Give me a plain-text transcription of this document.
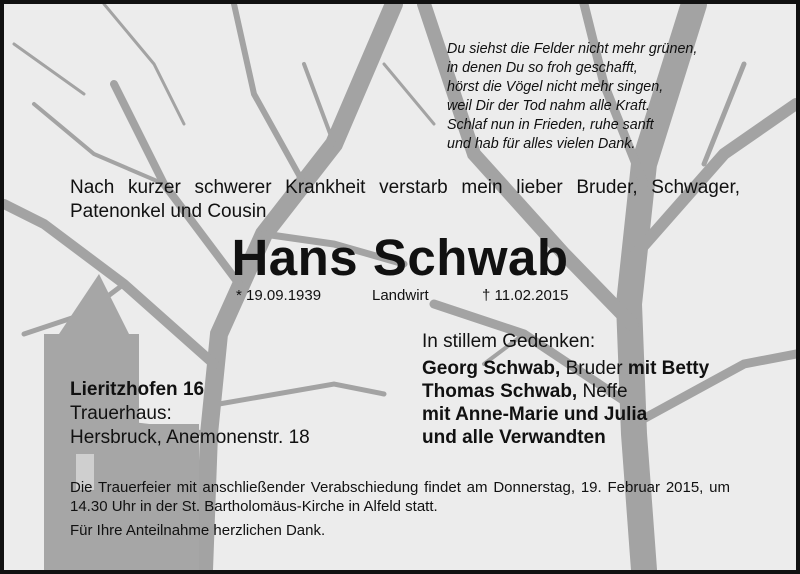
Du siehst die Felder nicht mehr grünen,
in denen Du so froh geschafft,
hörst die Vögel nicht mehr singen,
weil Dir der Tod nahm alle Kraft.
Schlaf nun in Frieden, ruhe sanft
und hab für alles vielen Dank.
Nach kurzer schwerer Krankheit verstarb mein lieber Bruder, Schwager, Patenonkel und Cousin
Hans Schwab
* 19.09.1939	Landwirt	† 11.02.2015
In stillem Gedenken:
Georg Schwab, Bruder mit Betty
Thomas Schwab, Neffe
mit Anne-Marie und Julia
und alle Verwandten
Lieritzhofen 16
Trauerhaus:
Hersbruck, Anemonenstr. 18

Die Trauerfeier mit anschließender Verabschiedung findet am Donnerstag, 19. Februar 2015, um 14.30 Uhr in der St. Bartholomäus-Kirche in Alfeld statt.

Für Ihre Anteilnahme herzlichen Dank.
